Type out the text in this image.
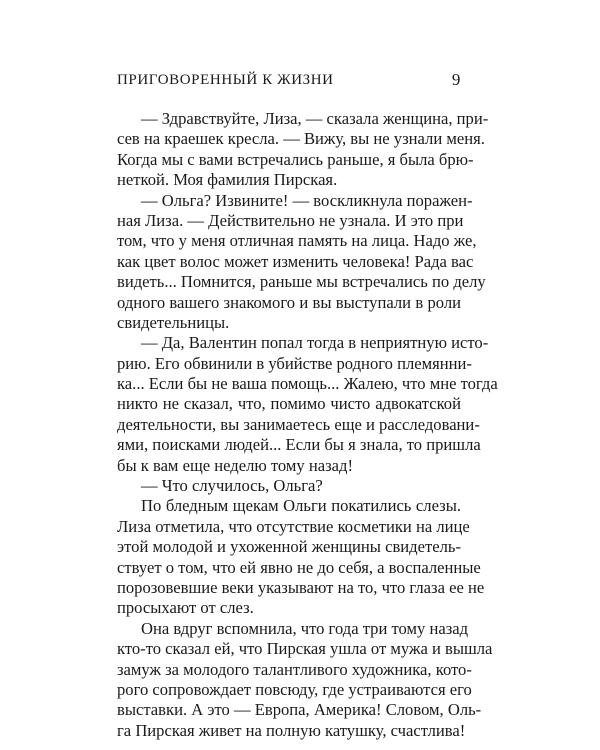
ПРИГОВОРЕННЫЙ К ЖИЗНИ	9
— Здравствуйте, Лиза, — сказала женщина, при-
сев на краешек кресла. — Вижу, вы не узнали меня.
Когда мы с вами встречались раньше, я была брю-
неткой. Моя фамилия Пирская.
— Ольга? Извините! — воскликнула поражен-
ная Лиза. — Действительно не узнала. И это при
том, что у меня отличная память на лица. Надо же,
как цвет волос может изменить человека! Рада вас
видеть... Помнится, раньше мы встречались по делу
одного вашего знакомого и вы выступали в роли
свидетельницы.
— Да, Валентин попал тогда в неприятную исто-
рию. Его обвинили в убийстве родного племянни-
ка... Если бы не ваша помощь... Жалею, что мне тогда
никто не сказал, что, помимо чисто адвокатской
деятельности, вы занимаетесь еще и расследовани-
ями, поисками людей... Если бы я знала, то пришла
бы к вам еще неделю тому назад!
— Что случилось, Ольга?
По бледным щекам Ольги покатились слезы.
Лиза отметила, что отсутствие косметики на лице
этой молодой и ухоженной женщины свидетель-
ствует о том, что ей явно не до себя, а воспаленные
порозовевшие веки указывают на то, что глаза ее не
просыхают от слез.
Она вдруг вспомнила, что года три тому назад
кто-то сказал ей, что Пирская ушла от мужа и вышла
замуж за молодого талантливого художника, кото-
рого сопровождает повсюду, где устраиваются его
выставки. А это — Европа, Америка! Словом, Оль-
га Пирская живет на полную катушку, счастлива!
